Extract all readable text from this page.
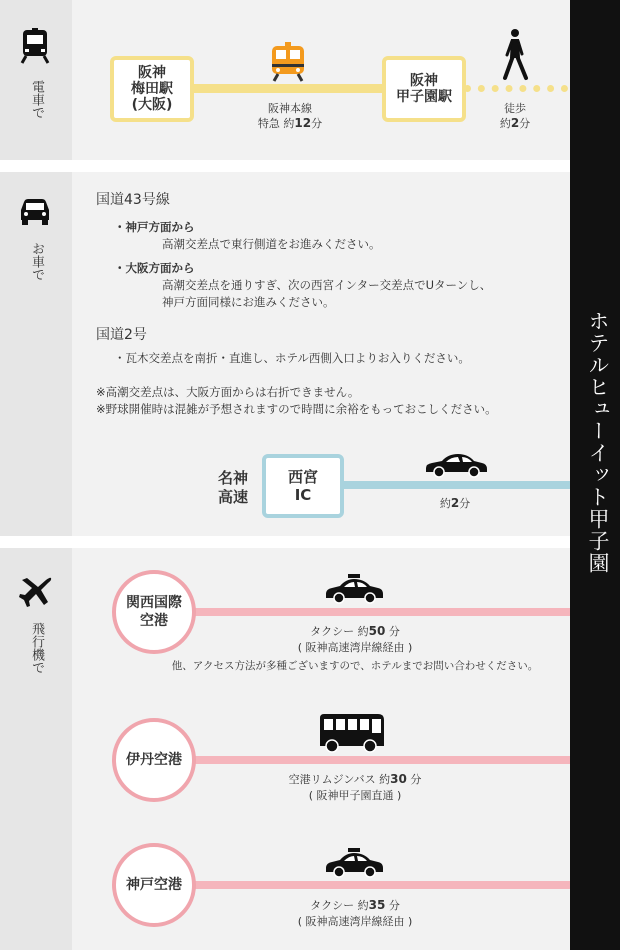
電車で
阪神
梅田駅
(大阪)	阪神本線
特急 約12分
阪神
甲子園駅
徒歩
約2分
お車で
国道43号線
・神戸方面から
高潮交差点で東行側道をお進みください。
・大阪方面から
高潮交差点を通りすぎ、次の西宮インター交差点でUターンし、
神戸方面同様にお進みください。
国道2号
・瓦木交差点を南折・直進し、ホテル西側入口よりお入りください。
※高潮交差点は、大阪方面からは右折できません。
※野球開催時は混雑が予想されますので時間に余裕をもっておこしください。
名神
高速
西宮
IC	約2分
飛行機で
関西国際
空港
タクシー 約50 分
( 阪神高速湾岸線経由 )
他、アクセス方法が多種ございますので、ホテルまでお問い合わせください。
伊丹空港
空港リムジンバス 約30 分
( 阪神甲子園直通 )
神戸空港
タクシー 約35 分
( 阪神高速湾岸線経由 )
ホテルヒューイット甲子園
